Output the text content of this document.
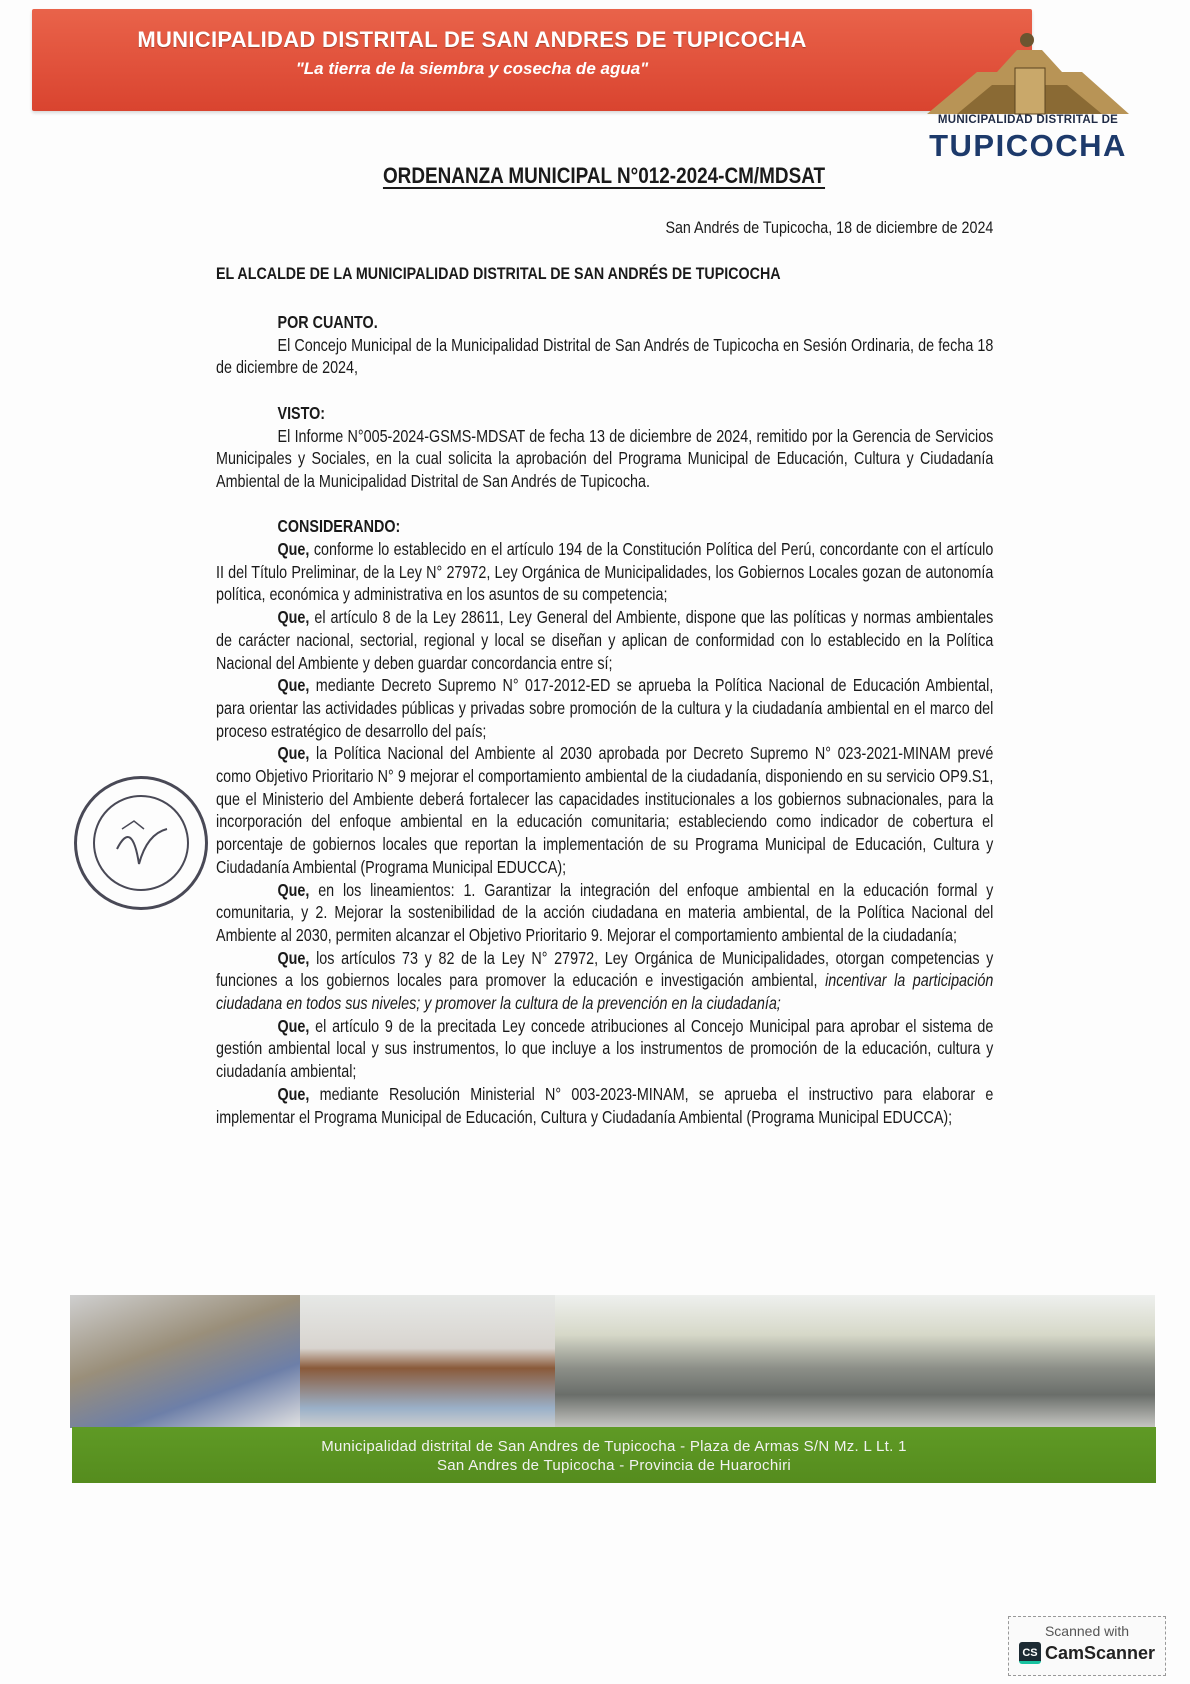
MUNICIPALIDAD DISTRITAL DE SAN ANDRES DE TUPICOCHA
"La tierra de la siembra y cosecha de agua"
MUNICIPALIDAD DISTRITAL DE
TUPICOCHA
ORDENANZA MUNICIPAL N°012-2024-CM/MDSAT
San Andrés de Tupicocha, 18 de diciembre de 2024
EL ALCALDE DE LA MUNICIPALIDAD DISTRITAL DE SAN ANDRÉS DE TUPICOCHA
POR CUANTO.

El Concejo Municipal de la Municipalidad Distrital de San Andrés de Tupicocha en Sesión Ordinaria, de fecha 18 de diciembre de 2024,

VISTO:

El Informe N°005-2024-GSMS-MDSAT de fecha 13 de diciembre de 2024, remitido por la Gerencia de Servicios Municipales y Sociales, en la cual solicita la aprobación del Programa Municipal de Educación, Cultura y Ciudadanía Ambiental de la Municipalidad Distrital de San Andrés de Tupicocha.

CONSIDERANDO:

Que, conforme lo establecido en el artículo 194 de la Constitución Política del Perú, concordante con el artículo II del Título Preliminar, de la Ley N° 27972, Ley Orgánica de Municipalidades, los Gobiernos Locales gozan de autonomía política, económica y administrativa en los asuntos de su competencia;

Que, el artículo 8 de la Ley 28611, Ley General del Ambiente, dispone que las políticas y normas ambientales de carácter nacional, sectorial, regional y local se diseñan y aplican de conformidad con lo establecido en la Política Nacional del Ambiente y deben guardar concordancia entre sí;

Que, mediante Decreto Supremo N° 017-2012-ED se aprueba la Política Nacional de Educación Ambiental, para orientar las actividades públicas y privadas sobre promoción de la cultura y la ciudadanía ambiental en el marco del proceso estratégico de desarrollo del país;

Que, la Política Nacional del Ambiente al 2030 aprobada por Decreto Supremo N° 023-2021-MINAM prevé como Objetivo Prioritario N° 9 mejorar el comportamiento ambiental de la ciudadanía, disponiendo en su servicio OP9.S1, que el Ministerio del Ambiente deberá fortalecer las capacidades institucionales a los gobiernos subnacionales, para la incorporación del enfoque ambiental en la educación comunitaria; estableciendo como indicador de cobertura el porcentaje de gobiernos locales que reportan la implementación de su Programa Municipal de Educación, Cultura y Ciudadanía Ambiental (Programa Municipal EDUCCA);

Que, en los lineamientos: 1. Garantizar la integración del enfoque ambiental en la educación formal y comunitaria, y 2. Mejorar la sostenibilidad de la acción ciudadana en materia ambiental, de la Política Nacional del Ambiente al 2030, permiten alcanzar el Objetivo Prioritario 9. Mejorar el comportamiento ambiental de la ciudadanía;

Que, los artículos 73 y 82 de la Ley N° 27972, Ley Orgánica de Municipalidades, otorgan competencias y funciones a los gobiernos locales para promover la educación e investigación ambiental, incentivar la participación ciudadana en todos sus niveles; y promover la cultura de la prevención en la ciudadanía;

Que, el artículo 9 de la precitada Ley concede atribuciones al Concejo Municipal para aprobar el sistema de gestión ambiental local y sus instrumentos, lo que incluye a los instrumentos de promoción de la educación, cultura y ciudadanía ambiental;

Que, mediante Resolución Ministerial N° 003-2023-MINAM, se aprueba el instructivo para elaborar e implementar el Programa Municipal de Educación, Cultura y Ciudadanía Ambiental (Programa Municipal EDUCCA);

Municipalidad distrital de San Andres de Tupicocha - Plaza de Armas S/N Mz. L Lt. 1
San Andres de Tupicocha - Provincia de Huarochiri
Scanned with
CS CamScanner
